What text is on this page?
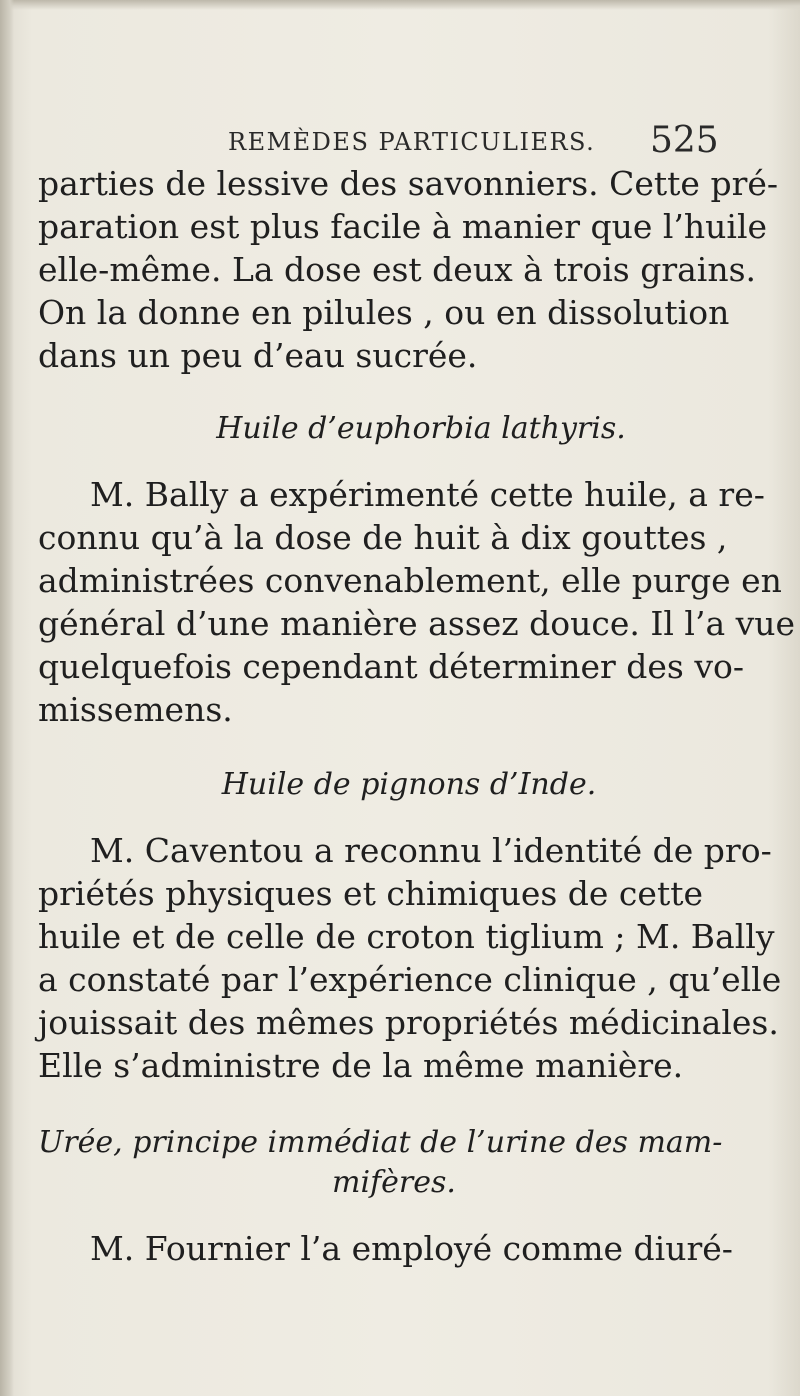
REMÈDES PARTICULIERS. 525
parties de lessive des savonniers. Cette pré-
paration est plus facile à manier que l’huile
elle-même. La dose est deux à trois grains.
On la donne en pilules , ou en dissolution
dans un peu d’eau sucrée.
Huile d’euphorbia lathyris.
M. Bally a expérimenté cette huile, a re-
connu qu’à la dose de huit à dix gouttes ,
administrées convenablement, elle purge en
général d’une manière assez douce. Il l’a vue
quelquefois cependant déterminer des vo-
missemens.
Huile de pignons d’Inde.
M. Caventou a reconnu l’identité de pro-
priétés physiques et chimiques de cette
huile et de celle de croton tiglium ; M. Bally
a constaté par l’expérience clinique , qu’elle
jouissait des mêmes propriétés médicinales.
Elle s’administre de la même manière.
Urée, principe immédiat de l’urine des mam-
mifères.
M. Fournier l’a employé comme diuré-
